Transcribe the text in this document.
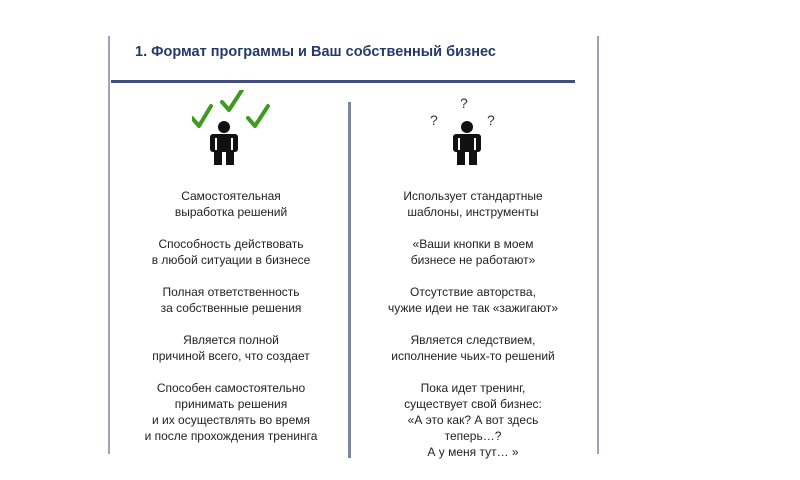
1. Формат программы и Ваш собственный бизнес
?
?	?
Самостоятельная
выработка решений
Способность действовать
в любой ситуации в бизнесе
Полная ответственность
за собственные решения
Является полной
причиной всего, что создает
Способен самостоятельно
принимать решения
и их осуществлять во время
и после прохождения тренинга
Использует стандартные
шаблоны, инструменты
«Ваши кнопки в моем
бизнесе не работают»
Отсутствие авторства,
чужие идеи не так «зажигают»
Является следствием,
исполнение чьих-то решений
Пока идет тренинг,
существует свой бизнес:
«А это как? А вот здесь
теперь…?
А у меня тут… »
